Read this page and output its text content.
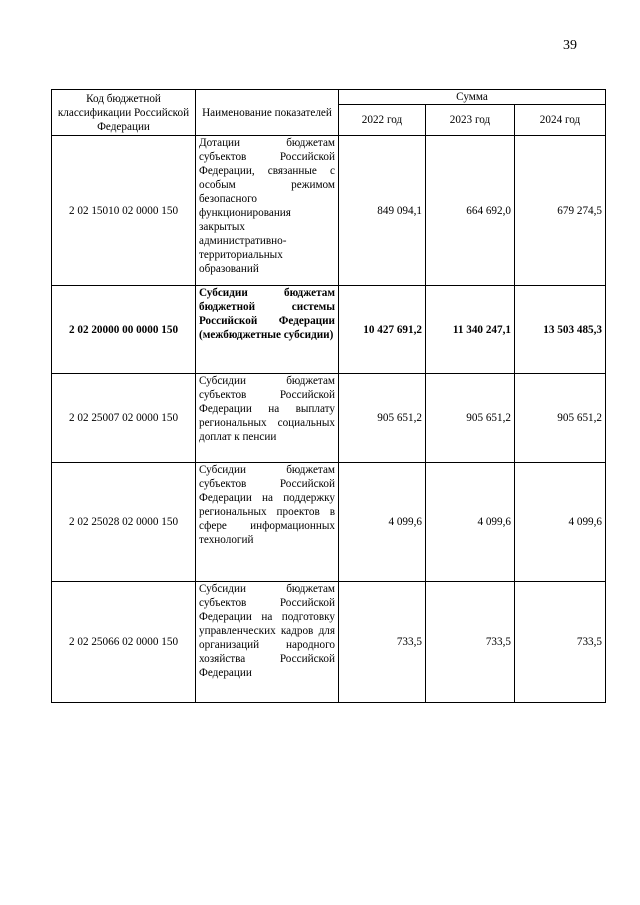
39
Код бюджетной классификации Российской Федерации	Наименование показателей	Сумма		
		2022 год	2023 год	2024 год
2 02 15010 02 0000 150	Дотации бюджетам субъектов Российской Федерации, связанные с особым режимом безопасного функционирования закрытых административно-территориальных образований	849 094,1	664 692,0	679 274,5
2 02 20000 00 0000 150	Субсидии бюджетам бюджетной системы Российской Федерации (межбюджетные субсидии)	10 427 691,2	11 340 247,1	13 503 485,3
2 02 25007 02 0000 150	Субсидии бюджетам субъектов Российской Федерации на выплату региональных социальных доплат к пенсии	905 651,2	905 651,2	905 651,2
2 02 25028 02 0000 150	Субсидии бюджетам субъектов Российской Федерации на поддержку региональных проектов в сфере информационных технологий	4 099,6	4 099,6	4 099,6
2 02 25066 02 0000 150	Субсидии бюджетам субъектов Российской Федерации на подготовку управленческих кадров для организаций народного хозяйства Российской Федерации	733,5	733,5	733,5
